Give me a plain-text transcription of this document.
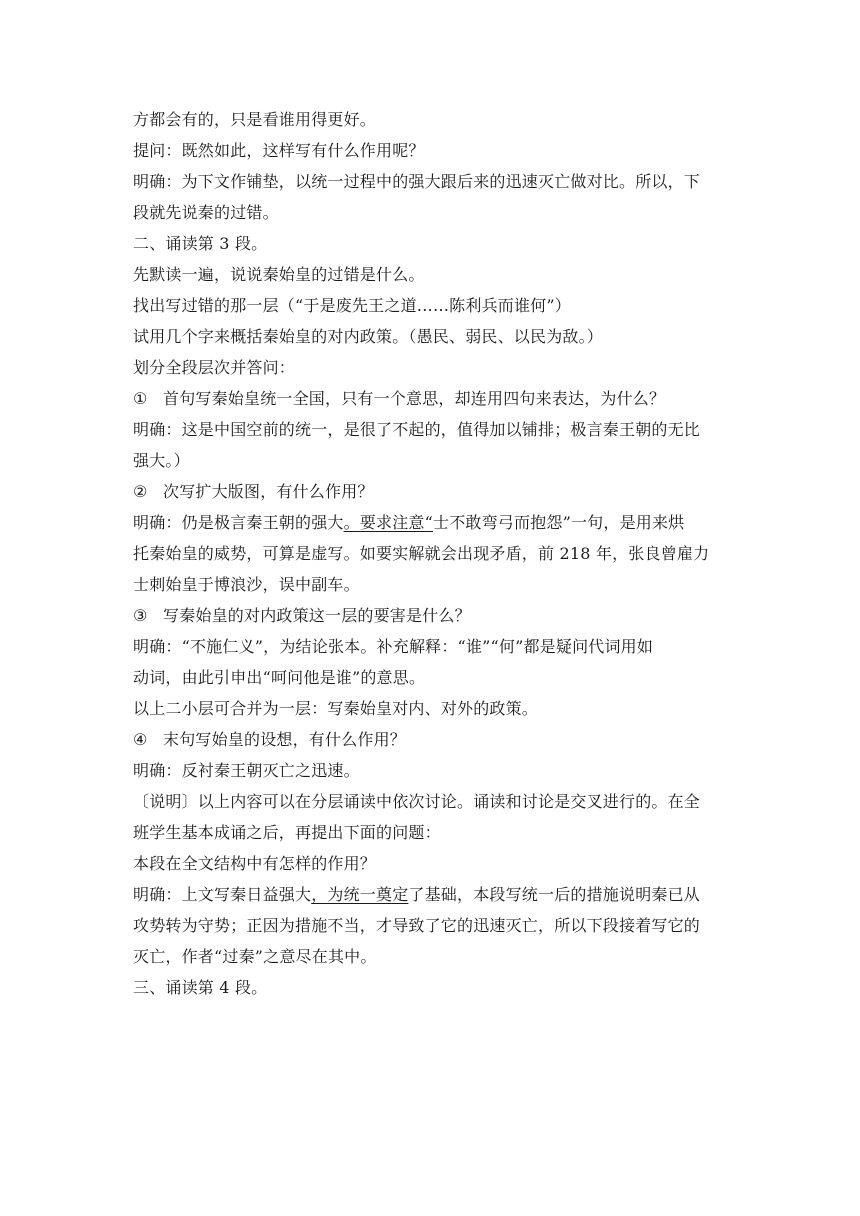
方都会有的，只是看谁用得更好。
提问：既然如此，这样写有什么作用呢？
明确：为下文作铺垫，以统一过程中的强大跟后来的迅速灭亡做对比。所以，下
段就先说秦的过错。
二、诵读第 3 段。
先默读一遍，说说秦始皇的过错是什么。
找出写过错的那一层（“于是废先王之道……陈利兵而谁何”）
试用几个字来概括秦始皇的对内政策。（愚民、弱民、以民为敌。）
划分全段层次并答问：
① 首句写秦始皇统一全国，只有一个意思，却连用四句来表达，为什么？
明确：这是中国空前的统一，是很了不起的，值得加以铺排；极言秦王朝的无比
强大。）
② 次写扩大版图，有什么作用？
明确：仍是极言秦王朝的强大。要求注意“士不敢弯弓而抱怨”一句，是用来烘
托秦始皇的威势，可算是虚写。如要实解就会出现矛盾，前 218 年，张良曾雇力
士刺始皇于博浪沙，误中副车。
③ 写秦始皇的对内政策这一层的要害是什么？
明确：“不施仁义”，为结论张本。补充解释：“谁”“何”都是疑问代词用如
动词，由此引申出“呵问他是谁”的意思。
以上二小层可合并为一层：写秦始皇对内、对外的政策。
④ 末句写始皇的设想，有什么作用？
明确：反衬秦王朝灭亡之迅速。
〔说明〕以上内容可以在分层诵读中依次讨论。诵读和讨论是交叉进行的。在全
班学生基本成诵之后，再提出下面的问题：
本段在全文结构中有怎样的作用？
明确：上文写秦日益强大，为统一奠定了基础，本段写统一后的措施说明秦已从
攻势转为守势；正因为措施不当，才导致了它的迅速灭亡，所以下段接着写它的
灭亡，作者“过秦”之意尽在其中。
三、诵读第 4 段。
